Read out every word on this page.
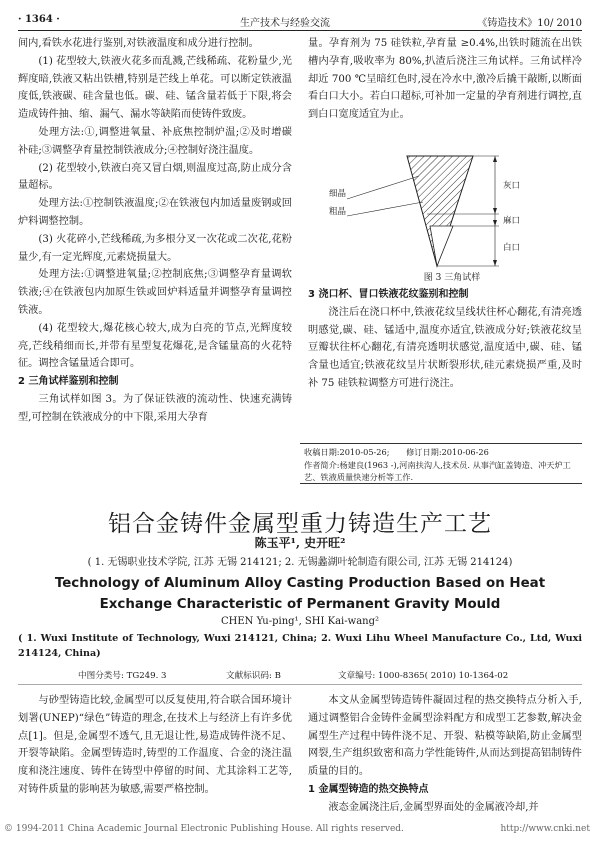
· 1364 ·	生产技术与经验交流	《铸造技术》10/ 2010

间内,看铁水花进行鉴别,对铁液温度和成分进行控制。

(1) 花型较大,铁液火花多而乱溅,芒线稀疏、花粉量少,光辉度暗,铁液又粘出铁槽,特别是芒线上单花。可以断定铁液温度低,铁液碳、硅含量也低。碳、硅、锰含量若低于下限,将会造成铸件抽、缩、漏气、漏水等缺陷而使铸件致废。

处理方法:①,调整进氧量、补底焦控制炉温;②及时增碳补硅;③调整孕育量控制铁液成分;④控制好浇注温度。

(2) 花型较小,铁液白亮又冒白烟,则温度过高,防止成分含量超标。

处理方法:①控制铁液温度;②在铁液包内加适量废钢或回炉料调整控制。

(3) 火花碎小,芒线稀疏,为多根分叉一次花或二次花,花粉量少,有一定光辉度,元素烧损量大。

处理方法:①调整进氧量;②控制底焦;③调整孕育量调软铁液;④在铁液包内加原生铁或回炉料适量并调整孕育量调控铁液。

(4) 花型较大,爆花核心较大,成为白亮的节点,光辉度较亮,芒线稍细而长,并带有星型复花爆花,是含锰量高的火花特征。调控含锰量适合即可。

2 三角试样鉴别和控制

三角试样如图 3。为了保证铁液的流动性、快速充满铸型,可控制在铁液成分的中下限,采用大孕育

量。孕育剂为 75 硅铁粒,孕育量 ≥0.4%,出铁时随流在出铁槽内孕育,吸收率为 80%,扒渣后浇注三角试样。三角试样冷却近 700 ℃呈暗红色时,浸在冷水中,激冷后撬干敲断,以断面看白口大小。若白口超标,可补加一定量的孕育剂进行调控,直到白口宽度适宜为止。

细晶
粗晶
灰口
麻口
白口
图 3 三角试样

3 浇口杯、冒口铁液花纹鉴别和控制

浇注后在浇口杯中,铁液花纹呈线状往杯心翻花,有清亮透明感觉,碳、硅、锰适中,温度亦适宜,铁液成分好;铁液花纹呈豆瓣状往杯心翻花,有清亮透明状感觉,温度适中,碳、硅、锰含量也适宜;铁液花纹呈片状断裂形状,硅元素烧损严重,及时补 75 硅铁粒调整方可进行浇注。

收稿日期:2010-05-26; 修订日期:2010-06-26
作者简介:杨建良(1963 -),河南扶沟人,技术员. 从事汽缸盖铸造、冲天炉工艺、铁液质量快速分析等工作.
铝合金铸件金属型重力铸造生产工艺
陈玉平¹, 史开旺²
( 1. 无锡职业技术学院, 江苏 无锡 214121; 2. 无锡蠡湖叶轮制造有限公司, 江苏 无锡 214124)
Technology of Aluminum Alloy Casting Production Based on Heat Exchange Characteristic of Permanent Gravity Mould
CHEN Yu-ping¹, SHI Kai-wang²
( 1. Wuxi Institute of Technology, Wuxi 214121, China; 2. Wuxi Lihu Wheel Manufacture Co., Ltd, Wuxi 214124, China)
中图分类号: TG249. 3	文献标识码: B	文章编号: 1000-8365( 2010) 10-1364-02

与砂型铸造比较,金属型可以反复使用,符合联合国环境计划署(UNEP)“绿色”铸造的理念,在技术上与经济上有许多优点[1]。但是,金属型不透气,且无退让性,易造成铸件浇不足、开裂等缺陷。金属型铸造时,铸型的工作温度、合金的浇注温度和浇注速度、铸件在铸型中停留的时间、尤其涂料工艺等,对铸件质量的影响甚为敏感,需要严格控制。

本文从金属型铸造铸件凝固过程的热交换特点分析入手,通过调整铝合金铸件金属型涂料配方和成型工艺参数,解决金属型生产过程中铸件浇不足、开裂、粘模等缺陷,防止金属型网裂,生产组织致密和高力学性能铸件,从而达到提高铝制铸件质量的目的。

1 金属型铸造的热交换特点

液态金属浇注后,金属型界面处的金属液冷却,并

© 1994-2011 China Academic Journal Electronic Publishing House. All rights reserved.	http://www.cnki.net
